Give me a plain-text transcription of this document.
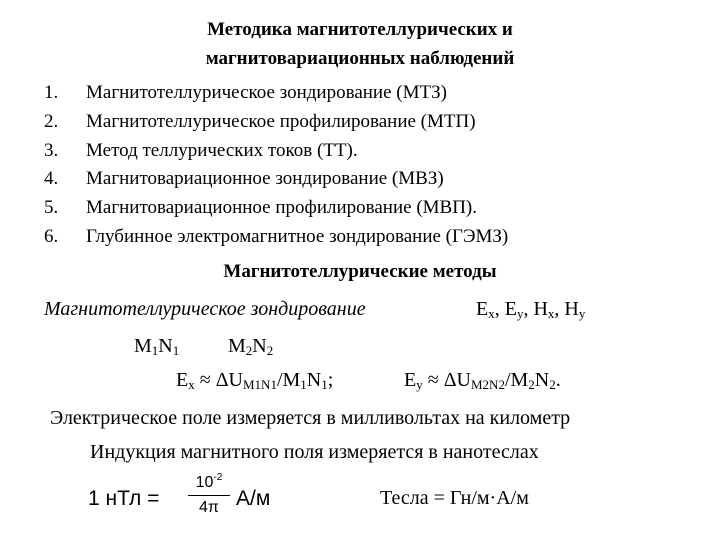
Методика магнитотеллурических и
магнитовариационных наблюдений
1. Магнитотеллурическое зондирование (МТЗ)
2. Магнитотеллурическое профилирование (МТП)
3. Метод теллурических токов (ТТ).
4. Магнитовариационное зондирование (МВЗ)
5. Магнитовариационное профилирование (МВП).
6. Глубинное электромагнитное зондирование (ГЭМЗ)
Магнитотеллурические методы
Магнитотеллурическое зондирование	$E_x$, $E_y$, $H_x$, $H_y$
$M_1N_1$ $M_2N_2$
$E_x \approx \Delta U_{M1N1}/M_1N_1$;	$E_y \approx \Delta U_{M2N2}/M_2N_2$.
Электрическое поле измеряется в милливольтах на километр
Индукция магнитного поля измеряется в нанотеслах
1 нТл =
$10^{-2}$
4π А/м	Тесла = Гн/м·А/м
